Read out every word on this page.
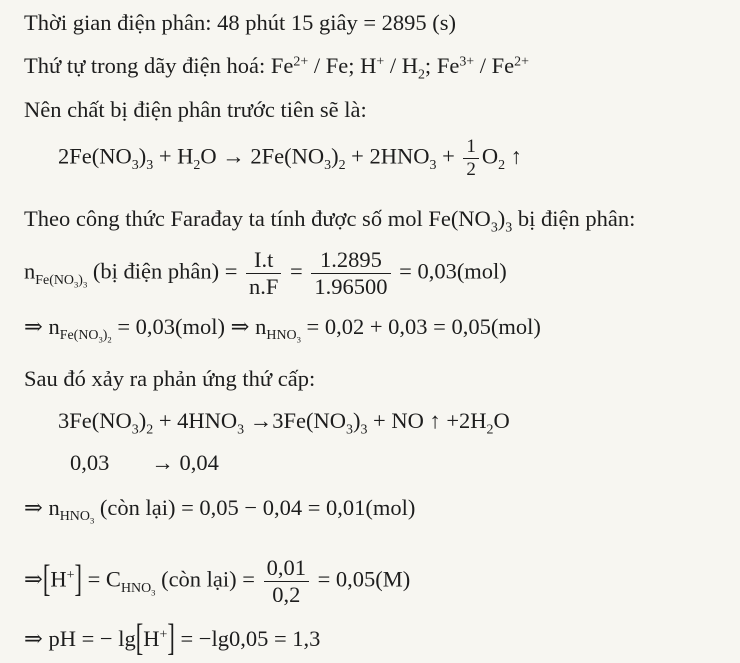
Thời gian điện phân: 48 phút 15 giây = 2895 (s)
Thứ tự trong dãy điện hoá: $Fe^{2+}$ / Fe; $H^+ / H_2$; $Fe^{3+} / Fe^{2+}$
Nên chất bị điện phân trước tiên sẽ là:
$2Fe(NO_3)_3 + H_2O \to 2Fe(NO_3)_2 + 2HNO_3 + \frac{1}{2} O_2$ ↑
Theo công thức Farađay ta tính được số mol $Fe(NO_3)_3$ bị điện phân:
$n_{Fe(NO_3)_3}$ (bị điện phân) = $\frac{I.t}{n.F} = \frac{1.2895}{1.96500} = 0,03(mol)$
⇒ $n_{Fe(NO_3)_2} = 0,03(mol)$ ⇒ $n_{HNO_3} = 0,02 + 0,03 = 0,05(mol)$
Sau đó xảy ra phản ứng thứ cấp:
$3Fe(NO_3)_2 + 4HNO_3 \to 3Fe(NO_3)_3$ + NO ↑ $+2H_2O$
0,03 → 0,04
⇒ $n_{HNO_3}$ (còn lại) = 0,05 − 0,04 = 0,01(mol)
⇒[H+] = $C_{HNO_3}$ (còn lại) = $\frac{0,01}{0,2} = 0,05(M)$
⇒ pH = − lg[H+] = −lg0,05 = 1,3
